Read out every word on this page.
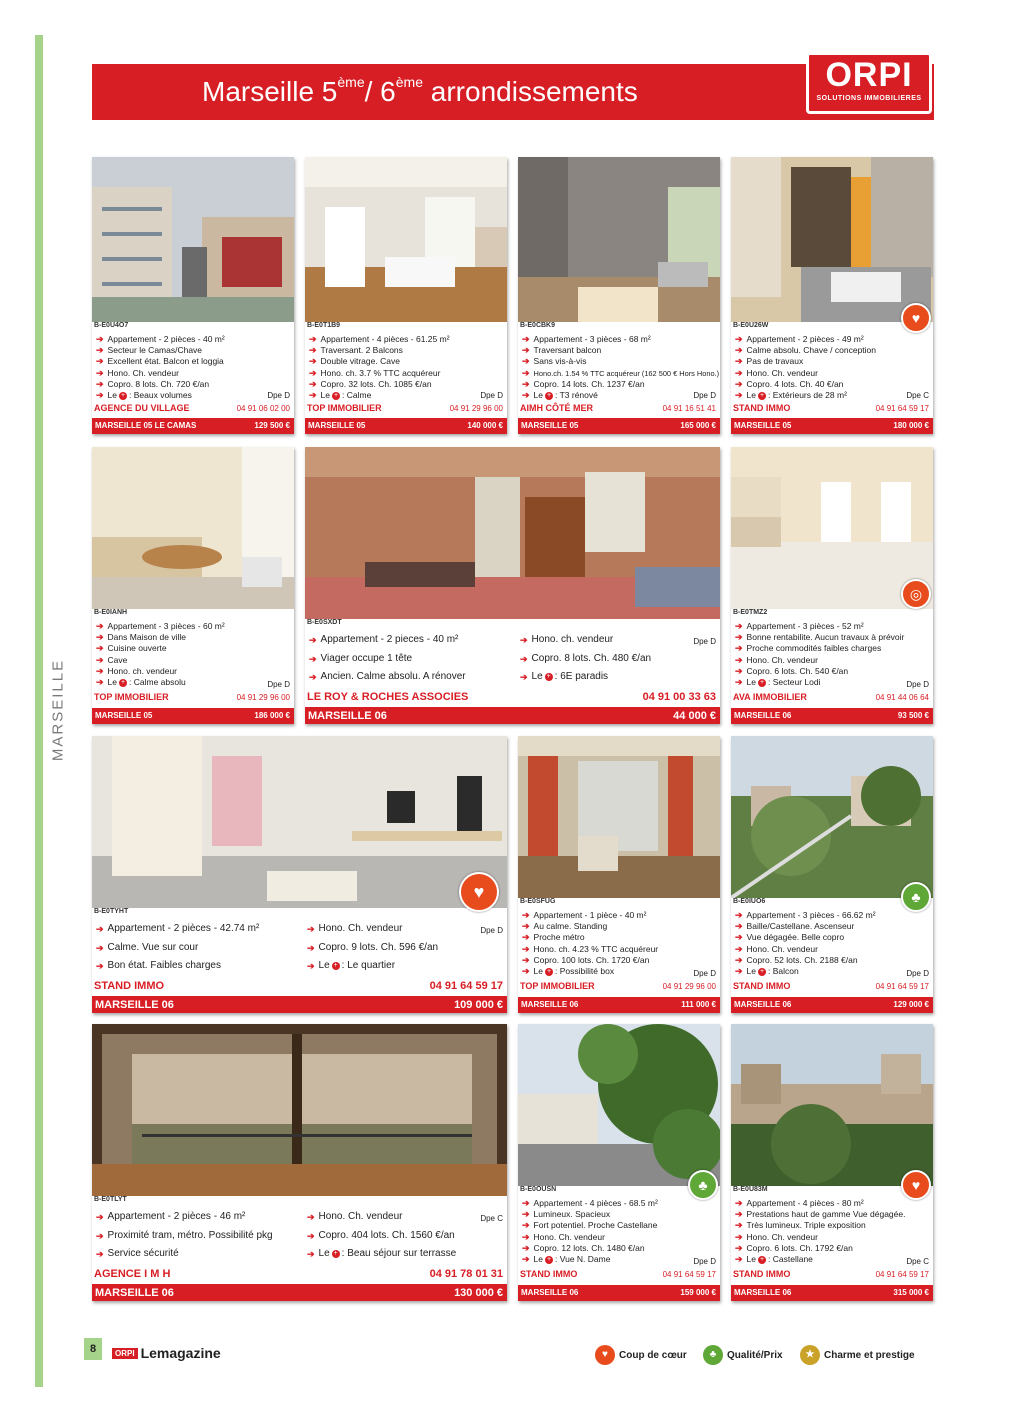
MARSEILLE
Marseille 5ème/ 6ème arrondissements	ORPI
SOLUTIONS IMMOBILIERES
B-E0U4O7
➔ Appartement - 2 pièces - 40 m²
➔ Secteur le Camas/Chave
➔ Excellent état. Balcon et loggia
➔ Hono. Ch. vendeur
➔ Copro. 8 lots. Ch. 720 €/an
➔ Le + : Beaux volumes	Dpe D
AGENCE DU VILLAGE	04 91 06 02 00
MARSEILLE 05 LE CAMAS	129 500 €
B-E0T1B9
➔ Appartement - 4 pièces - 61.25 m²
➔ Traversant. 2 Balcons
➔ Double vitrage. Cave
➔ Hono. ch. 3.7 % TTC acquéreur
➔ Copro. 32 lots. Ch. 1085 €/an
➔ Le + : Calme	Dpe D
TOP IMMOBILIER	04 91 29 96 00
MARSEILLE 05	140 000 €
B-E0CBK9
➔ Appartement - 3 pièces - 68 m²
➔ Traversant balcon
➔ Sans vis-à-vis
➔ Hono.ch. 1.54 % TTC acquéreur (162 500 € Hors Hono.)
➔ Copro. 14 lots. Ch. 1237 €/an
➔ Le + : T3 rénové	Dpe D
AIMH CÔTÉ MER	04 91 16 51 41
MARSEILLE 05	165 000 €
♥
B-E0U26W
➔ Appartement - 2 pièces - 49 m²
➔ Calme absolu. Chave / conception
➔ Pas de travaux
➔ Hono. Ch. vendeur
➔ Copro. 4 lots. Ch. 40 €/an
➔ Le + : Extérieurs de 28 m²	Dpe C
STAND IMMO	04 91 64 59 17
MARSEILLE 05	180 000 €
B-E0IANH
➔ Appartement - 3 pièces - 60 m²
➔ Dans Maison de ville
➔ Cuisine ouverte
➔ Cave
➔ Hono. ch. vendeur
➔ Le + : Calme absolu	Dpe D
TOP IMMOBILIER	04 91 29 96 00
MARSEILLE 05	186 000 €
B-E0SXDT
➔ Appartement - 2 pieces - 40 m²
➔ Viager occupe 1 tête
➔ Ancien. Calme absolu. A rénover
➔ Hono. ch. vendeur
➔ Copro. 8 lots. Ch. 480 €/an
➔ Le + : 6E paradis
Dpe D
LE ROY & ROCHES ASSOCIES	04 91 00 33 63
MARSEILLE 06	44 000 €
◎
B-E0TMZ2
➔ Appartement - 3 pièces - 52 m²
➔ Bonne rentabilite. Aucun travaux à prévoir
➔ Proche commodités faibles charges
➔ Hono. Ch. vendeur
➔ Copro. 6 lots. Ch. 540 €/an
➔ Le + : Secteur Lodi	Dpe D
AVA IMMOBILIER	04 91 44 06 64
MARSEILLE 06	93 500 €
♥
B-E0TYHT
➔ Appartement - 2 pièces - 42.74 m²
➔ Calme. Vue sur cour
➔ Bon état. Faibles charges
➔ Hono. Ch. vendeur
➔ Copro. 9 lots. Ch. 596 €/an
➔ Le + : Le quartier
Dpe D
STAND IMMO	04 91 64 59 17
MARSEILLE 06	109 000 €
B-E0SFUG
➔ Appartement - 1 pièce - 40 m²
➔ Au calme. Standing
➔ Proche métro
➔ Hono. ch. 4.23 % TTC acquéreur
➔ Copro. 100 lots. Ch. 1720 €/an
➔ Le + : Possibilité box	Dpe D
TOP IMMOBILIER	04 91 29 96 00
MARSEILLE 06	111 000 €
♣
B-E0IUO6
➔ Appartement - 3 pièces - 66.62 m²
➔ Baille/Castellane. Ascenseur
➔ Vue dégagée. Belle copro
➔ Hono. Ch. vendeur
➔ Copro. 52 lots. Ch. 2188 €/an
➔ Le + : Balcon	Dpe D
STAND IMMO	04 91 64 59 17
MARSEILLE 06	129 000 €
B-E0TLYT
➔ Appartement - 2 pièces - 46 m²
➔ Proximité tram, métro. Possibilité pkg
➔ Service sécurité
➔ Hono. Ch. vendeur
➔ Copro. 404 lots. Ch. 1560 €/an
➔ Le + : Beau séjour sur terrasse
Dpe C
AGENCE I M H	04 91 78 01 31
MARSEILLE 06	130 000 €
♣
B-E0OUSN
➔ Appartement - 4 pièces - 68.5 m²
➔ Lumineux. Spacieux
➔ Fort potentiel. Proche Castellane
➔ Hono. Ch. vendeur
➔ Copro. 12 lots. Ch. 1480 €/an
➔ Le + : Vue N. Dame	Dpe D
STAND IMMO	04 91 64 59 17
MARSEILLE 06	159 000 €
♥
B-E0U83M
➔ Appartement - 4 pièces - 80 m²
➔ Prestations haut de gamme Vue dégagée.
➔ Très lumineux. Triple exposition
➔ Hono. Ch. vendeur
➔ Copro. 6 lots. Ch. 1792 €/an
➔ Le + : Castellane	Dpe C
STAND IMMO	04 91 64 59 17
MARSEILLE 06	315 000 €
8	ORPI Lemagazine	♥	Coup de cœur	♣	Qualité/Prix	★ Charme et prestige
